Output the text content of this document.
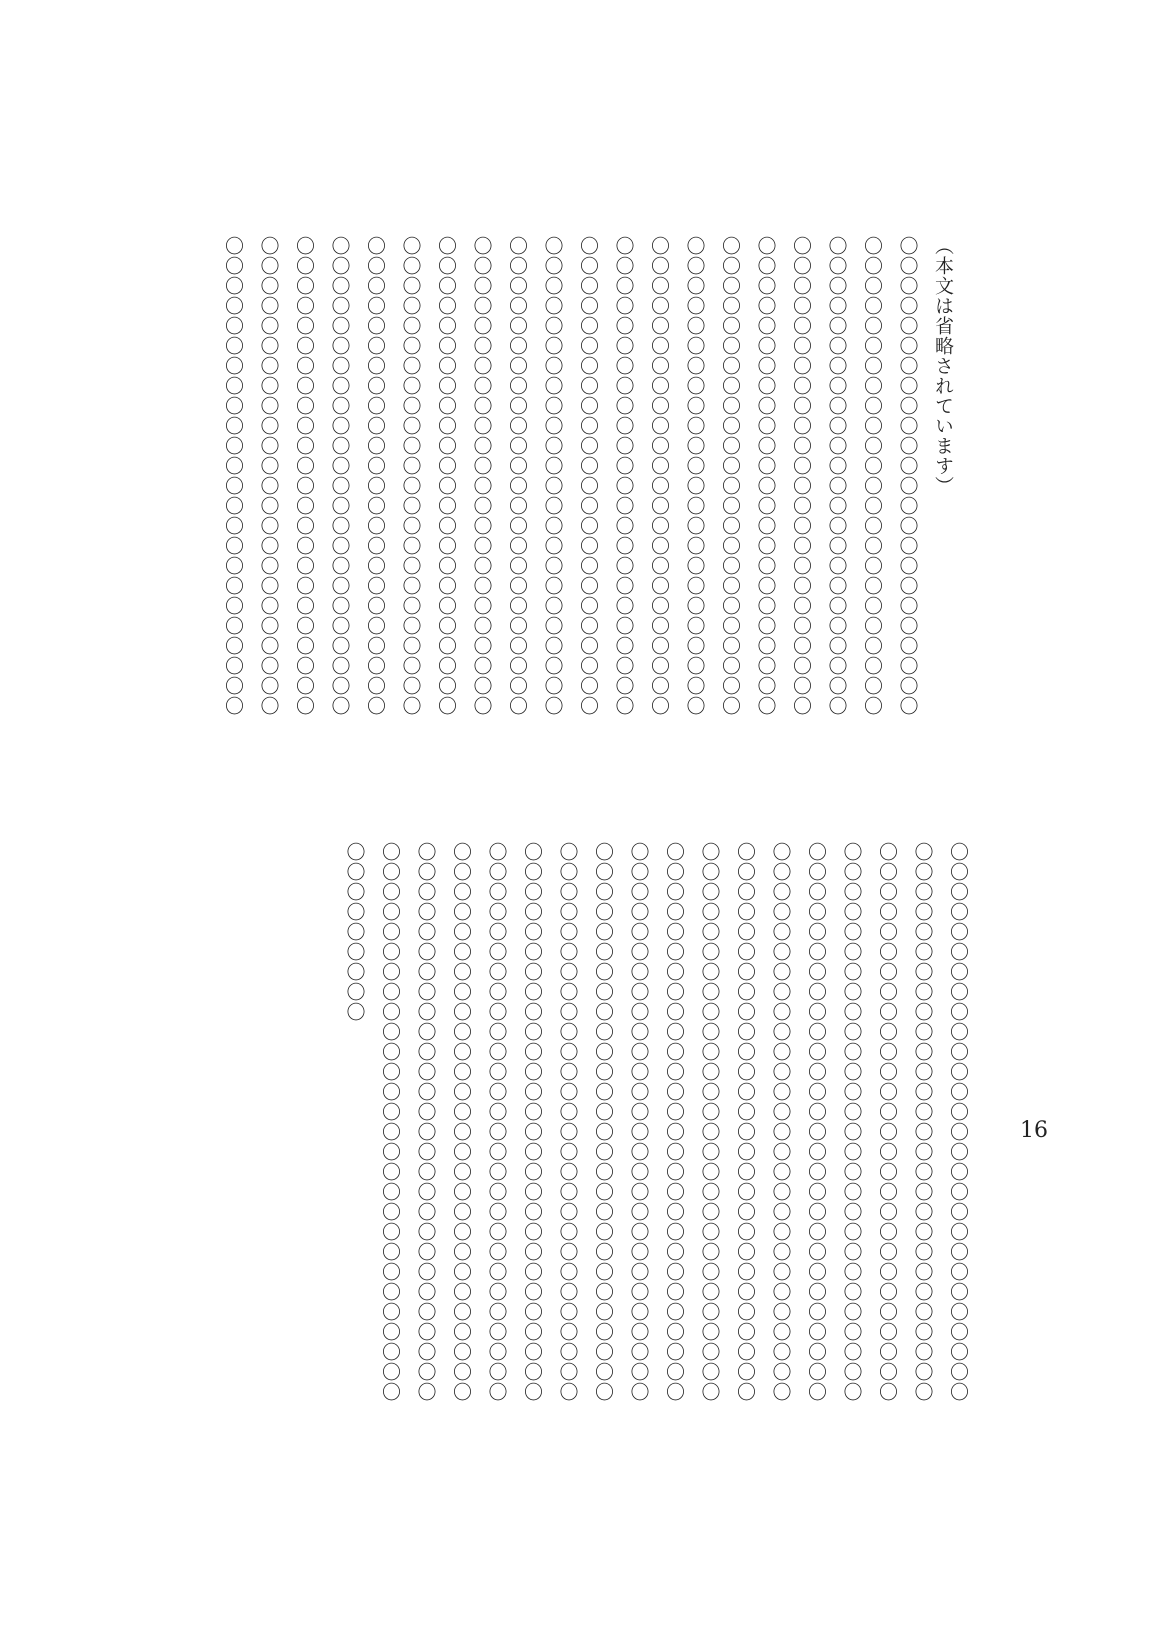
（本文は省略されています）

〇〇〇〇〇〇〇〇〇〇〇〇〇〇〇〇〇〇〇〇〇〇〇〇

〇〇〇〇〇〇〇〇〇〇〇〇〇〇〇〇〇〇〇〇〇〇〇〇

〇〇〇〇〇〇〇〇〇〇〇〇〇〇〇〇〇〇〇〇〇〇〇〇

〇〇〇〇〇〇〇〇〇〇〇〇〇〇〇〇〇〇〇〇〇〇〇〇

〇〇〇〇〇〇〇〇〇〇〇〇〇〇〇〇〇〇〇〇〇〇〇〇

〇〇〇〇〇〇〇〇〇〇〇〇〇〇〇〇〇〇〇〇〇〇〇〇

〇〇〇〇〇〇〇〇〇〇〇〇〇〇〇〇〇〇〇〇〇〇〇〇

〇〇〇〇〇〇〇〇〇〇〇〇〇〇〇〇〇〇〇〇〇〇〇〇

〇〇〇〇〇〇〇〇〇〇〇〇〇〇〇〇〇〇〇〇〇〇〇〇

〇〇〇〇〇〇〇〇〇〇〇〇〇〇〇〇〇〇〇〇〇〇〇〇

〇〇〇〇〇〇〇〇〇〇〇〇〇〇〇〇〇〇〇〇〇〇〇〇

〇〇〇〇〇〇〇〇〇〇〇〇〇〇〇〇〇〇〇〇〇〇〇〇

〇〇〇〇〇〇〇〇〇〇〇〇〇〇〇〇〇〇〇〇〇〇〇〇

〇〇〇〇〇〇〇〇〇〇〇〇〇〇〇〇〇〇〇〇〇〇〇〇

〇〇〇〇〇〇〇〇〇〇〇〇〇〇〇〇〇〇〇〇〇〇〇〇

〇〇〇〇〇〇〇〇〇〇〇〇〇〇〇〇〇〇〇〇〇〇〇〇

〇〇〇〇〇〇〇〇〇〇〇〇〇〇〇〇〇〇〇〇〇〇〇〇

〇〇〇〇〇〇〇〇〇〇〇〇〇〇〇〇〇〇〇〇〇〇〇〇

〇〇〇〇〇〇〇〇〇〇〇〇〇〇〇〇〇〇〇〇〇〇〇〇

〇〇〇〇〇〇〇〇〇〇〇〇〇〇〇〇〇〇〇〇〇〇〇〇

〇〇〇〇〇〇〇〇〇〇〇〇〇〇〇〇〇〇〇〇〇〇〇〇〇〇〇〇

〇〇〇〇〇〇〇〇〇〇〇〇〇〇〇〇〇〇〇〇〇〇〇〇〇〇〇〇

〇〇〇〇〇〇〇〇〇〇〇〇〇〇〇〇〇〇〇〇〇〇〇〇〇〇〇〇

〇〇〇〇〇〇〇〇〇〇〇〇〇〇〇〇〇〇〇〇〇〇〇〇〇〇〇〇

〇〇〇〇〇〇〇〇〇〇〇〇〇〇〇〇〇〇〇〇〇〇〇〇〇〇〇〇

〇〇〇〇〇〇〇〇〇〇〇〇〇〇〇〇〇〇〇〇〇〇〇〇〇〇〇〇

〇〇〇〇〇〇〇〇〇〇〇〇〇〇〇〇〇〇〇〇〇〇〇〇〇〇〇〇

〇〇〇〇〇〇〇〇〇〇〇〇〇〇〇〇〇〇〇〇〇〇〇〇〇〇〇〇

〇〇〇〇〇〇〇〇〇〇〇〇〇〇〇〇〇〇〇〇〇〇〇〇〇〇〇〇

〇〇〇〇〇〇〇〇〇〇〇〇〇〇〇〇〇〇〇〇〇〇〇〇〇〇〇〇

〇〇〇〇〇〇〇〇〇〇〇〇〇〇〇〇〇〇〇〇〇〇〇〇〇〇〇〇

〇〇〇〇〇〇〇〇〇〇〇〇〇〇〇〇〇〇〇〇〇〇〇〇〇〇〇〇

〇〇〇〇〇〇〇〇〇〇〇〇〇〇〇〇〇〇〇〇〇〇〇〇〇〇〇〇

〇〇〇〇〇〇〇〇〇〇〇〇〇〇〇〇〇〇〇〇〇〇〇〇〇〇〇〇

〇〇〇〇〇〇〇〇〇〇〇〇〇〇〇〇〇〇〇〇〇〇〇〇〇〇〇〇

〇〇〇〇〇〇〇〇〇〇〇〇〇〇〇〇〇〇〇〇〇〇〇〇〇〇〇〇

〇〇〇〇〇〇〇〇〇〇〇〇〇〇〇〇〇〇〇〇〇〇〇〇〇〇〇〇

〇〇〇〇〇〇〇〇〇

16
